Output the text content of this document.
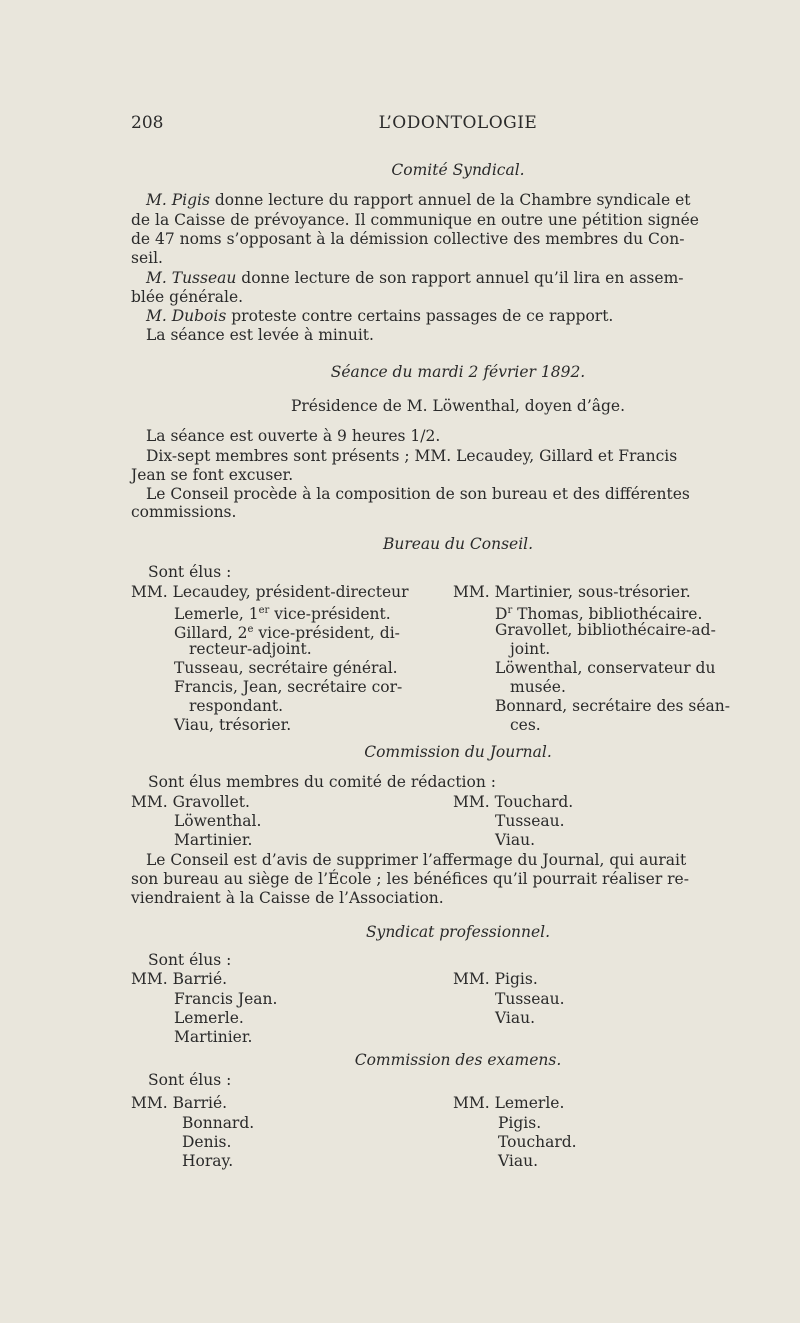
208	L’ODONTOLOGIE
Comité Syndical.
M. Pigis donne lecture du rapport annuel de la Chambre syndicale et
de la Caisse de prévoyance. Il communique en outre une pétition signée
de 47 noms s’opposant à la démission collective des membres du Con-
seil.
M. Tusseau donne lecture de son rapport annuel qu’il lira en assem-
blée générale.
M. Dubois proteste contre certains passages de ce rapport.
La séance est levée à minuit.
Séance du mardi 2 février 1892.
Présidence de M. Löwenthal, doyen d’âge.
La séance est ouverte à 9 heures 1/2.
Dix-sept membres sont présents ; MM. Lecaudey, Gillard et Francis
Jean se font excuser.
Le Conseil procède à la composition de son bureau et des différentes
commissions.
Bureau du Conseil.
Sont élus :
MM. Lecaudey, président-directeur
Lemerle, 1er vice-président.
Gillard, 2e vice-président, di-
recteur-adjoint.
Tusseau, secrétaire général.
Francis, Jean, secrétaire cor-
respondant.
Viau, trésorier.
MM. Martinier, sous-trésorier.
$D^r$ Thomas, bibliothécaire.
Gravollet, bibliothécaire-ad-
joint.
Löwenthal, conservateur du
musée.
Bonnard, secrétaire des séan-
ces.
Commission du Journal.
Sont élus membres du comité de rédaction :
MM. Gravollet.
Löwenthal.
Martinier.
MM. Touchard.
Tusseau.
Viau.
Le Conseil est d’avis de supprimer l’affermage du Journal, qui aurait
son bureau au siège de l’École ; les bénéfices qu’il pourrait réaliser re-
viendraient à la Caisse de l’Association.
Syndicat professionnel.
Sont élus :
MM. Barrié.
Francis Jean.
Lemerle.
Martinier.
MM. Pigis.
Tusseau.
Viau.
Commission des examens.
Sont élus :
MM. Barrié.
Bonnard.
Denis.
Horay.
MM. Lemerle.
Pigis.
Touchard.
Viau.
